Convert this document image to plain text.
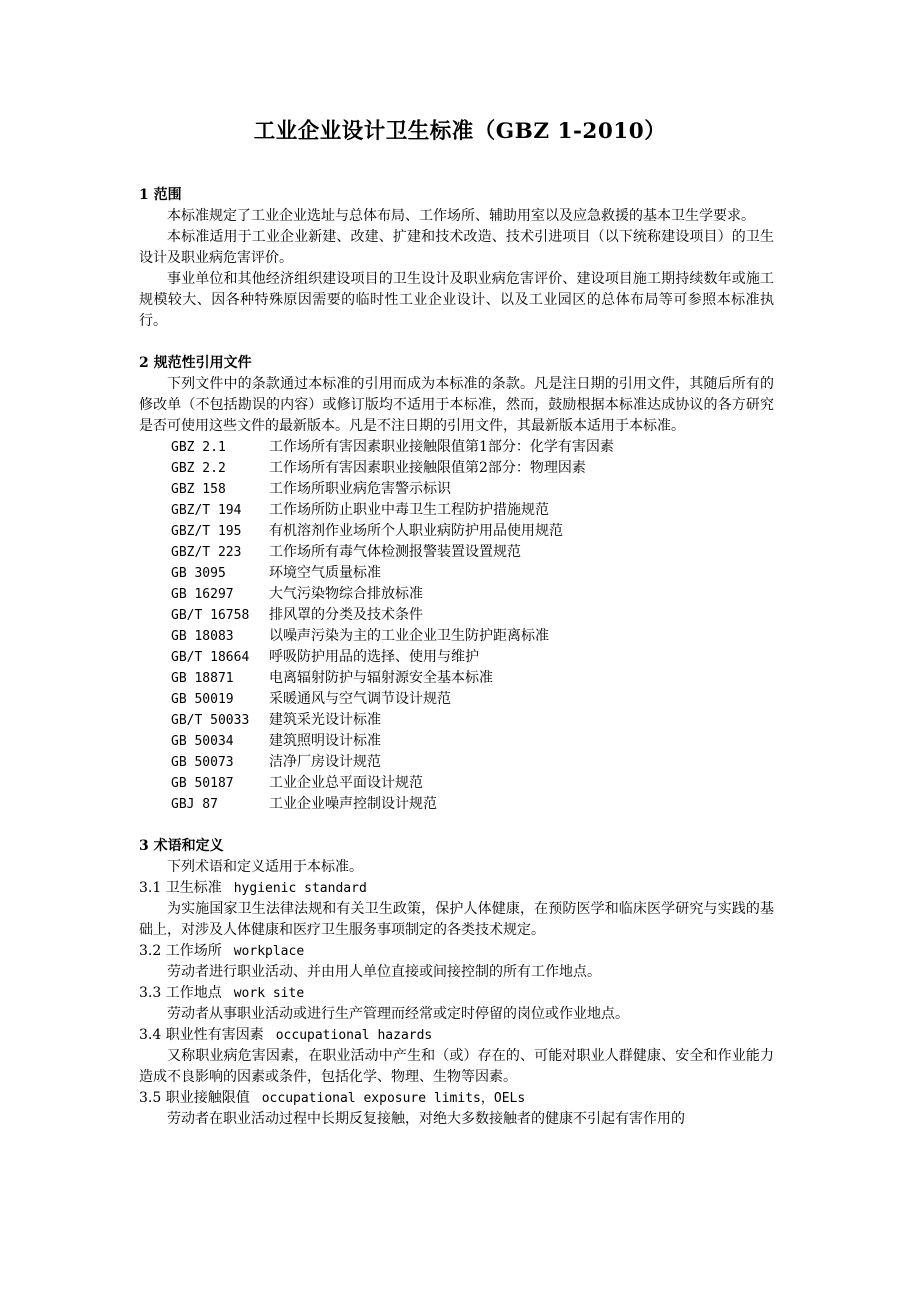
工业企业设计卫生标准（GBZ 1-2010）
1 范围
本标准规定了工业企业选址与总体布局、工作场所、辅助用室以及应急救援的基本卫生学要求。
本标准适用于工业企业新建、改建、扩建和技术改造、技术引进项目（以下统称建设项目）的卫生设计及职业病危害评价。
事业单位和其他经济组织建设项目的卫生设计及职业病危害评价、建设项目施工期持续数年或施工规模较大、因各种特殊原因需要的临时性工业企业设计、以及工业园区的总体布局等可参照本标准执行。
2 规范性引用文件
下列文件中的条款通过本标准的引用而成为本标准的条款。凡是注日期的引用文件，其随后所有的 修改单（不包括勘误的内容）或修订版均不适用于本标准，然而，鼓励根据本标准达成协议的各方研究 是否可使用这些文件的最新版本。凡是不注日期的引用文件，其最新版本适用于本标准。
GBZ 2.1	工作场所有害因素职业接触限值第1部分：化学有害因素
GBZ 2.2	工作场所有害因素职业接触限值第2部分：物理因素
GBZ 158	工作场所职业病危害警示标识
GBZ/T 194	工作场所防止职业中毒卫生工程防护措施规范
GBZ/T 195	有机溶剂作业场所个人职业病防护用品使用规范
GBZ/T 223	工作场所有毒气体检测报警装置设置规范
GB 3095	环境空气质量标准
GB 16297	大气污染物综合排放标准
GB/T 16758	排风罩的分类及技术条件
GB 18083	以噪声污染为主的工业企业卫生防护距离标准
GB/T 18664	呼吸防护用品的选择、使用与维护
GB 18871	电离辐射防护与辐射源安全基本标准
GB 50019	采暖通风与空气调节设计规范
GB/T 50033	建筑采光设计标准
GB 50034	建筑照明设计标准
GB 50073	洁净厂房设计规范
GB 50187	工业企业总平面设计规范
GBJ 87	工业企业噪声控制设计规范
3 术语和定义
下列术语和定义适用于本标准。
3.1 卫生标准 hygienic standard
为实施国家卫生法律法规和有关卫生政策，保护人体健康，在预防医学和临床医学研究与实践的基础上，对涉及人体健康和医疗卫生服务事项制定的各类技术规定。
3.2 工作场所 workplace
劳动者进行职业活动、并由用人单位直接或间接控制的所有工作地点。
3.3 工作地点 work site
劳动者从事职业活动或进行生产管理而经常或定时停留的岗位或作业地点。
3.4 职业性有害因素 occupational hazards
又称职业病危害因素，在职业活动中产生和（或）存在的、可能对职业人群健康、安全和作业能力造成不良影响的因素或条件，包括化学、物理、生物等因素。
3.5 职业接触限值 occupational exposure limits，OELs
劳动者在职业活动过程中长期反复接触，对绝大多数接触者的健康不引起有害作用的
